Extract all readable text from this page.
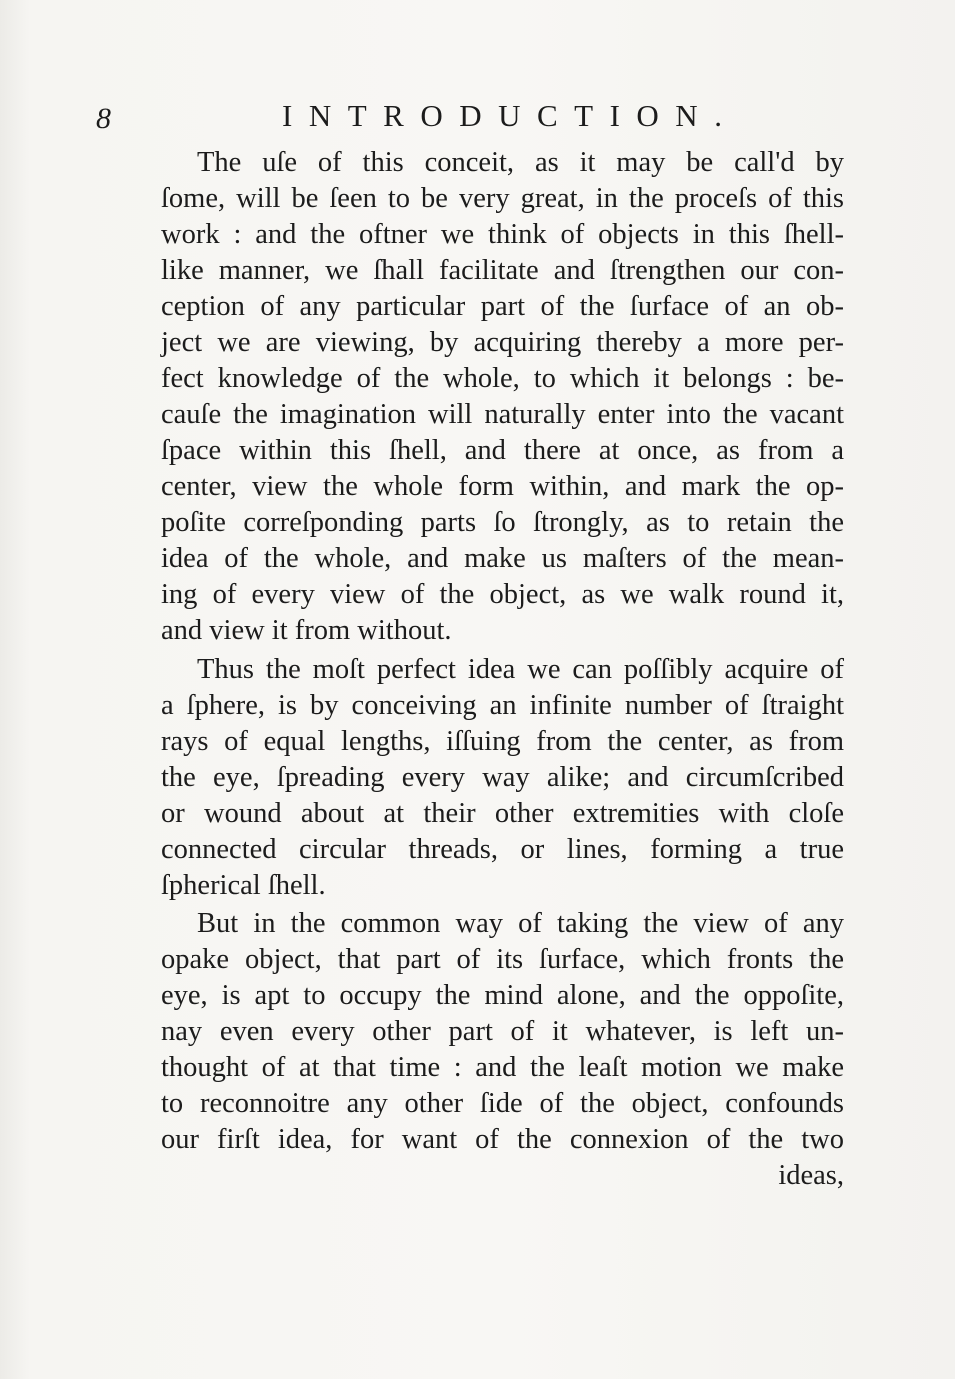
8	INTRODUCTION.
The uſe of this conceit, as it may be call'd by
ſome, will be ſeen to be very great, in the proceſs of this
work : and the oftner we think of objects in this ſhell-
like manner, we ſhall facilitate and ſtrengthen our con-
ception of any particular part of the ſurface of an ob-
ject we are viewing, by acquiring thereby a more per-
fect knowledge of the whole, to which it belongs : be-
cauſe the imagination will naturally enter into the vacant
ſpace within this ſhell, and there at once, as from a
center, view the whole form within, and mark the op-
poſite correſponding parts ſo ſtrongly, as to retain the
idea of the whole, and make us maſters of the mean-
ing of every view of the object, as we walk round it,
and view it from without.
Thus the moſt perfect idea we can poſſibly acquire of
a ſphere, is by conceiving an infinite number of ſtraight
rays of equal lengths, iſſuing from the center, as from
the eye, ſpreading every way alike; and circumſcribed
or wound about at their other extremities with cloſe
connected circular threads, or lines, forming a true
ſpherical ſhell.
But in the common way of taking the view of any
opake object, that part of its ſurface, which fronts the
eye, is apt to occupy the mind alone, and the oppoſite,
nay even every other part of it whatever, is left un-
thought of at that time : and the leaſt motion we make
to reconnoitre any other ſide of the object, confounds
our firſt idea, for want of the connexion of the two
ideas,
